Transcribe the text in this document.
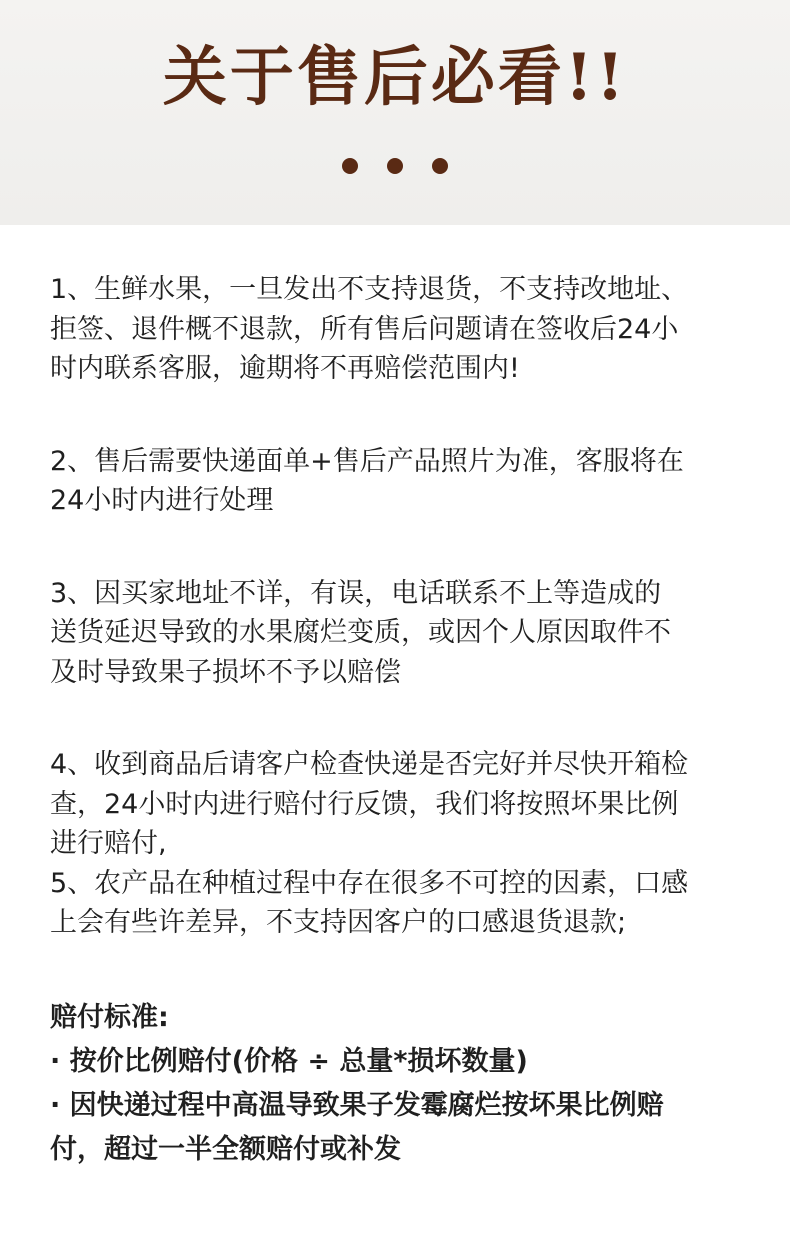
关于售后必看!!

1、生鲜水果，一旦发出不支持退货，不支持改地址、
拒签、退件概不退款，所有售后问题请在签收后24小
时内联系客服，逾期将不再赔偿范围内!

2、售后需要快递面单+售后产品照片为准，客服将在
24小时内进行处理

3、因买家地址不详，有误，电话联系不上等造成的
送货延迟导致的水果腐烂变质，或因个人原因取件不
及时导致果子损坏不予以赔偿

4、收到商品后请客户检查快递是否完好并尽快开箱检
查，24小时内进行赔付行反馈，我们将按照坏果比例
进行赔付,

5、农产品在种植过程中存在很多不可控的因素，口感
上会有些许差异，不支持因客户的口感退货退款;

赔付标准:

· 按价比例赔付(价格 ÷ 总量*损坏数量)

· 因快递过程中高温导致果子发霉腐烂按坏果比例赔
付，超过一半全额赔付或补发
